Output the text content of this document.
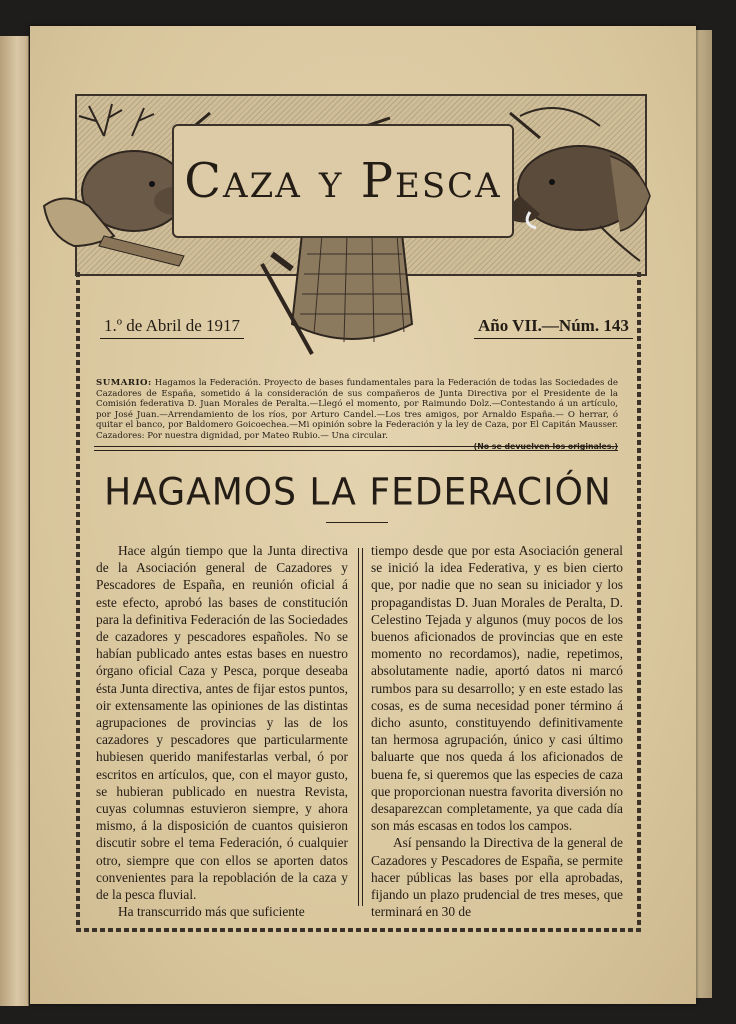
Caza y Pesca
1.º de Abril de 1917	Año VII.—Núm. 143
SUMARIO: Hagamos la Federación. Proyecto de bases fundamentales para la Federación de todas las Sociedades de Cazadores de España, sometido á la consideración de sus compañeros de Junta Directiva por el Presidente de la Comisión federativa D. Juan Morales de Peralta.—Llegó el momento, por Raimundo Dolz.—Contestando á un artículo, por José Juan.—Arrendamiento de los ríos, por Arturo Candel.—Los tres amigos, por Arnaldo España.— O herrar, ó quitar el banco, por Baldomero Goicoechea.—Mi opinión sobre la Federación y la ley de Caza, por El Capitán Mausser. Cazadores: Por nuestra dignidad, por Mateo Rubio.— Una circular.
(No se devuelven los originales.)
HAGAMOS LA FEDERACIÓN

Hace algún tiempo que la Junta directiva de la Asociación general de Cazadores y Pescadores de España, en reunión oficial á este efecto, aprobó las bases de constitución para la definitiva Federación de las Sociedades de cazadores y pescadores españoles. No se habían publicado antes estas bases en nuestro órgano oficial Caza y Pesca, porque deseaba ésta Junta directiva, antes de fijar estos puntos, oir extensamente las opiniones de las distintas agrupaciones de provincias y las de los cazadores y pescadores que particularmente hubiesen querido manifestarlas verbal, ó por escritos en artículos, que, con el mayor gusto, se hubieran publicado en nuestra Revista, cuyas columnas estuvieron siempre, y ahora mismo, á la disposición de cuantos quisieron discutir sobre el tema Federación, ó cualquier otro, siempre que con ellos se aporten datos convenientes para la repoblación de la caza y de la pesca fluvial.

Ha transcurrido más que suficiente

tiempo desde que por esta Asociación general se inició la idea Federativa, y es bien cierto que, por nadie que no sean su iniciador y los propagandistas D. Juan Morales de Peralta, D. Celestino Tejada y algunos (muy pocos de los buenos aficionados de provincias que en este momento no recordamos), nadie, repetimos, absolutamente nadie, aportó datos ni marcó rumbos para su desarrollo; y en este estado las cosas, es de suma necesidad poner término á dicho asunto, constituyendo definitivamente tan hermosa agrupación, único y casi último baluarte que nos queda á los aficionados de buena fe, si queremos que las especies de caza que proporcionan nuestra favorita diversión no desaparezcan completamente, ya que cada día son más escasas en todos los campos.

Así pensando la Directiva de la general de Cazadores y Pescadores de España, se permite hacer públicas las bases por ella aprobadas, fijando un plazo prudencial de tres meses, que terminará en 30 de
